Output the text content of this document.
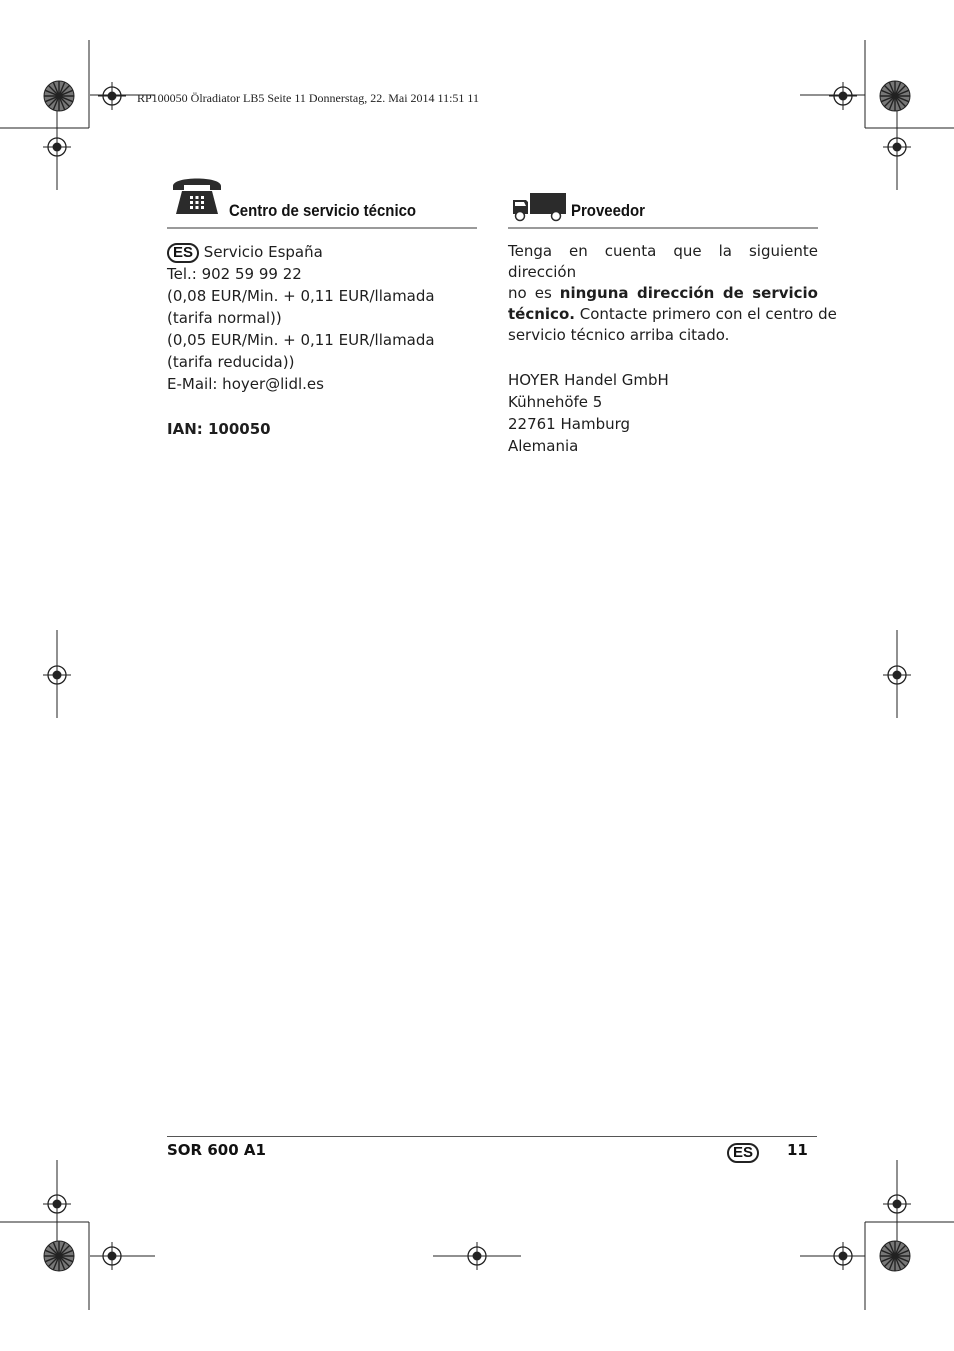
RP100050 Ölradiator LB5 Seite 11 Donnerstag, 22. Mai 2014 11:51 11
Centro de servicio técnico
ES Servicio España
Tel.: 902 59 99 22
(0,08 EUR/Min. + 0,11 EUR/llamada
(tarifa normal))
(0,05 EUR/Min. + 0,11 EUR/llamada
(tarifa reducida))
E-Mail: hoyer@lidl.es
IAN: 100050
Proveedor
Tenga en cuenta que la siguiente dirección
no es ninguna dirección de servicio
técnico. Contacte primero con el centro de
servicio técnico arriba citado.
HOYER Handel GmbH
Kühnehöfe 5
22761 Hamburg
Alemania
SOR 600 A1	ES	11
